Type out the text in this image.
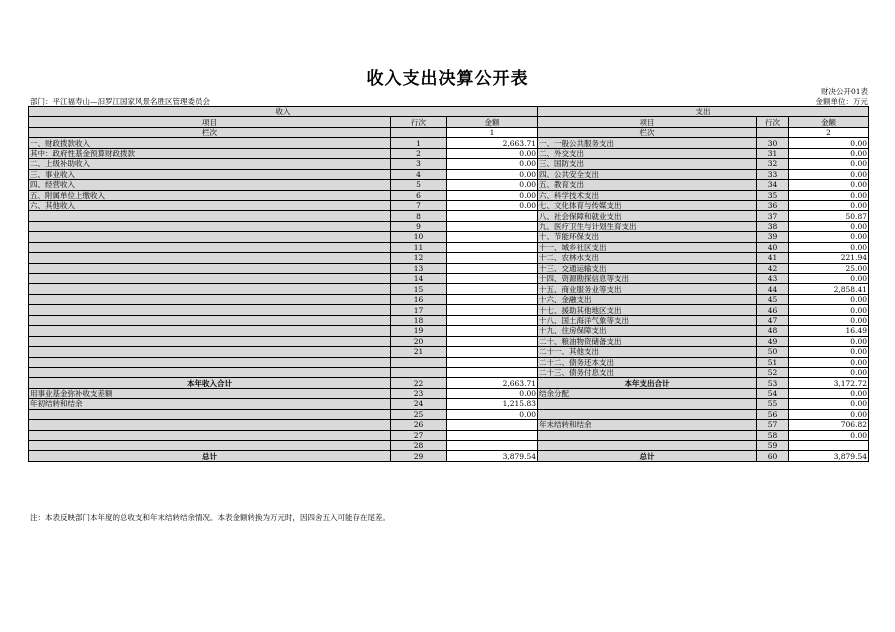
收入支出决算公开表
财决公开01表
部门：平江福寿山—汨罗江国家风景名胜区管理委员会	金额单位：万元
收入			支出		
项目	行次	金额	项目	行次	金额
栏次		1	栏次		2
一、财政拨款收入	1	2,663.71	一、一般公共服务支出	30	0.00
其中：政府性基金预算财政拨款	2	0.00	二、外交支出	31	0.00
二、上级补助收入	3	0.00	三、国防支出	32	0.00
三、事业收入	4	0.00	四、公共安全支出	33	0.00
四、经营收入	5	0.00	五、教育支出	34	0.00
五、附属单位上缴收入	6	0.00	六、科学技术支出	35	0.00
六、其他收入	7	0.00	七、文化体育与传媒支出	36	0.00
	8		八、社会保障和就业支出	37	50.87
	9		九、医疗卫生与计划生育支出	38	0.00
	10		十、节能环保支出	39	0.00
	11		十一、城乡社区支出	40	0.00
	12		十二、农林水支出	41	221.94
	13		十三、交通运输支出	42	25.00
	14		十四、资源勘探信息等支出	43	0.00
	15		十五、商业服务业等支出	44	2,858.41
	16		十六、金融支出	45	0.00
	17		十七、援助其他地区支出	46	0.00
	18		十八、国土海洋气象等支出	47	0.00
	19		十九、住房保障支出	48	16.49
	20		二十、粮油物资储备支出	49	0.00
	21		二十一、其他支出	50	0.00
			二十二、债务还本支出	51	0.00
			二十三、债务付息支出	52	0.00
本年收入合计	22	2,663.71	本年支出合计	53	3,172.72
用事业基金弥补收支差额	23	0.00	结余分配	54	0.00
年初结转和结余	24	1,215.83		55	0.00
	25	0.00		56	0.00
	26		年末结转和结余	57	706.82
	27			58	0.00
	28			59	
总计	29	3,879.54	总计	60	3,879.54
注：本表反映部门本年度的总收支和年末结转结余情况。本表金额转换为万元时，因四舍五入可能存在尾差。
